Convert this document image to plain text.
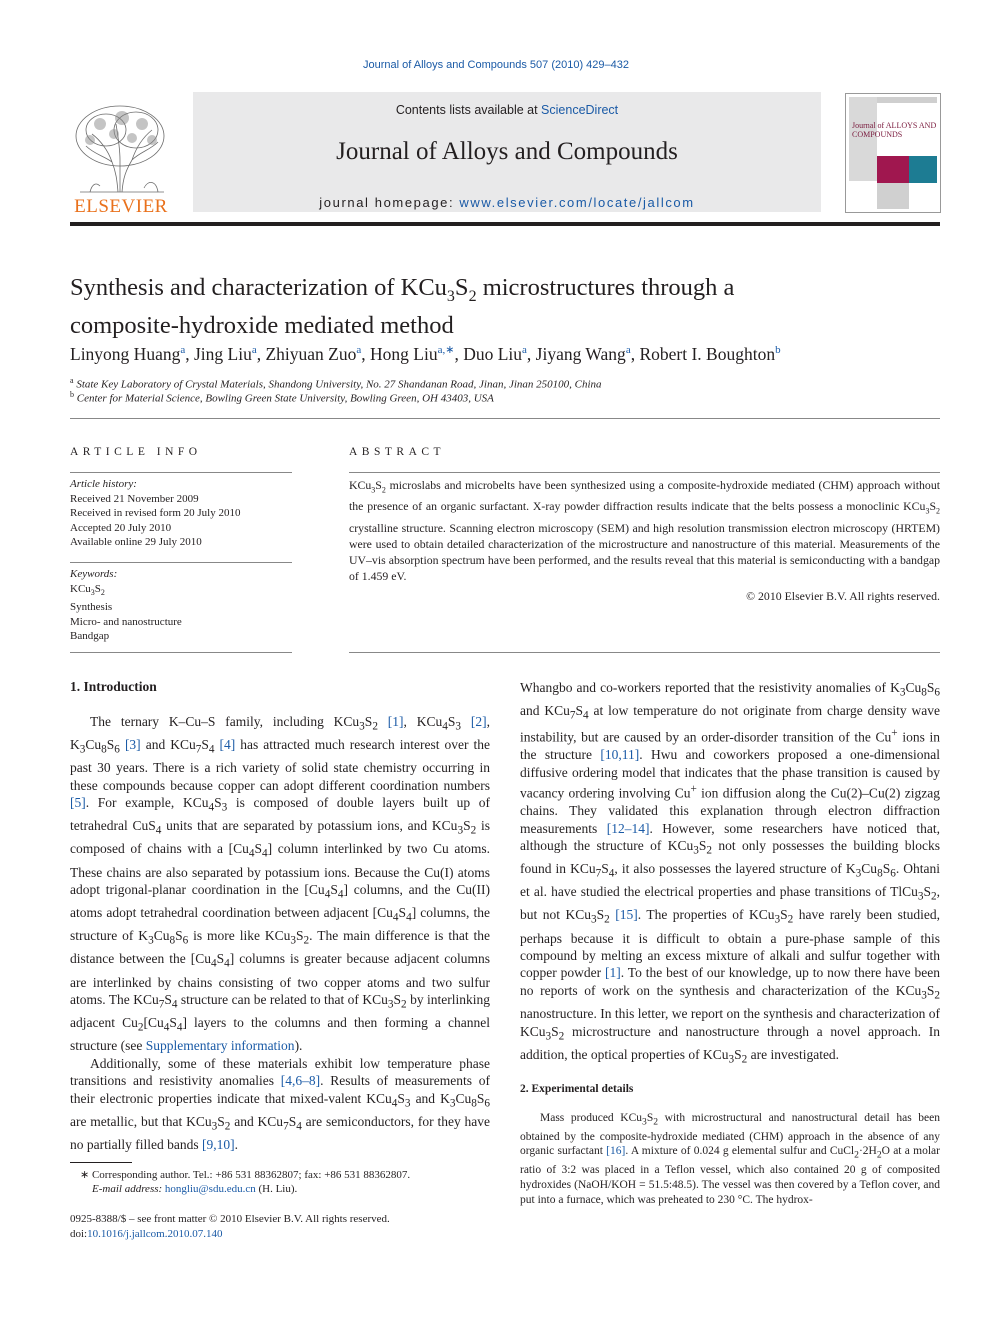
Journal of Alloys and Compounds 507 (2010) 429–432
ELSEVIER
Contents lists available at ScienceDirect
Journal of Alloys and Compounds
journal homepage: www.elsevier.com/locate/jallcom
Journal of ALLOYS AND COMPOUNDS
Synthesis and characterization of $KCu_3S_2$ microstructures through a
composite-hydroxide mediated method
Linyong Huang$^a$, Jing Liu$^a$, Zhiyuan Zuo$^a$, Hong Liu$^{a,∗}$, Duo Liu$^a$, Jiyang Wang$^a$, Robert I. Boughton$^b$
$^a$ State Key Laboratory of Crystal Materials, Shandong University, No. 27 Shandanan Road, Jinan, Jinan 250100, China
$^b$ Center for Material Science, Bowling Green State University, Bowling Green, OH 43403, USA
ARTICLE INFO	ABSTRACT
Article history:
Received 21 November 2009
Received in revised form 20 July 2010
Accepted 20 July 2010
Available online 29 July 2010
Keywords:
$KCu_3S_2$
Synthesis
Micro- and nanostructure
Bandgap
$KCu_3S_2$ microslabs and microbelts have been synthesized using a composite-hydroxide mediated (CHM) approach without the presence of an organic surfactant. X-ray powder diffraction results indicate that the belts possess a monoclinic $KCu_3S_2$ crystalline structure. Scanning electron microscopy (SEM) and high resolution transmission electron microscopy (HRTEM) were used to obtain detailed characterization of the microstructure and nanostructure of this material. Measurements of the UV–vis absorption spectrum have been performed, and the results reveal that this material is semiconducting with a bandgap of 1.459 eV.
© 2010 Elsevier B.V. All rights reserved.
1. Introduction

The ternary K–Cu–S family, including $KCu_3S_2$ [1], $KCu_4S_3$ [2], $K_3Cu_8S_6$ [3] and $KCu_7S_4$ [4] has attracted much research interest over the past 30 years. There is a rich variety of solid state chemistry occurring in these compounds because copper can adopt different coordination numbers [5]. For example, $KCu_4S_3$ is composed of double layers built up of tetrahedral CuS$_4$ units that are separated by potassium ions, and $KCu_3S_2$ is composed of chains with a $[Cu_4S_4]$ column interlinked by two Cu atoms. These chains are also separated by potassium ions. Because the Cu(I) atoms adopt trigonal-planar coordination in the $[Cu_4S_4]$ columns, and the Cu(II) atoms adopt tetrahedral coordination between adjacent $[Cu_4S_4]$ columns, the structure of $K_3Cu_8S_6$ is more like $KCu_3S_2$. The main difference is that the distance between the $[Cu_4S_4]$ columns is greater because adjacent columns are interlinked by chains consisting of two copper atoms and two sulfur atoms. The $KCu_7S_4$ structure can be related to that of $KCu_3S_2$ by interlinking adjacent $Cu_2[Cu_4S_4]$ layers to the columns and then forming a channel structure (see Supplementary information).

Additionally, some of these materials exhibit low temperature phase transitions and resistivity anomalies [4,6–8]. Results of measurements of their electronic properties indicate that mixed-valent $KCu_4S_3$ and $K_3Cu_8S_6$ are metallic, but that $KCu_3S_2$ and $KCu_7S_4$ are semiconductors, for they have no partially filled bands [9,10].

Whangbo and co-workers reported that the resistivity anomalies of $K_3Cu_8S_6$ and $KCu_7S_4$ at low temperature do not originate from charge density wave instability, but are caused by an order-disorder transition of the Cu+ ions in the structure [10,11]. Hwu and coworkers proposed a one-dimensional diffusive ordering model that indicates that the phase transition is caused by vacancy ordering involving Cu+ ion diffusion along the Cu(2)–Cu(2) zigzag chains. They validated this explanation through electron diffraction measurements [12–14]. However, some researchers have noticed that, although the structure of $KCu_3S_2$ not only possesses the building blocks found in $KCu_7S_4$, it also possesses the layered structure of $K_3Cu_8S_6$. Ohtani et al. have studied the electrical properties and phase transitions of $TlCu_3S_2$, but not $KCu_3S_2$ [15]. The properties of $KCu_3S_2$ have rarely been studied, perhaps because it is difficult to obtain a pure-phase sample of this compound by melting an excess mixture of alkali and sulfur together with copper powder [1]. To the best of our knowledge, up to now there have been no reports of work on the synthesis and characterization of the $KCu_3S_2$ nanostructure. In this letter, we report on the synthesis and characterization of $KCu_3S_2$ microstructure and nanostructure through a novel approach. In addition, the optical properties of $KCu_3S_2$ are investigated.

2. Experimental details

Mass produced $KCu_3S_2$ with microstructural and nanostructural detail has been obtained by the composite-hydroxide mediated (CHM) approach in the absence of any organic surfactant [16]. A mixture of 0.024 g elemental sulfur and $CuCl_2\cdot 2H_2O$ at a molar ratio of 3:2 was placed in a Teflon vessel, which also contained 20 g of composited hydroxides (NaOH/KOH = 51.5:48.5). The vessel was then covered by a Teflon cover, and put into a furnace, which was preheated to 230 °C. The hydrox-

∗ Corresponding author. Tel.: +86 531 88362807; fax: +86 531 88362807.
E-mail address: hongliu@sdu.edu.cn (H. Liu).
0925-8388/$ – see front matter © 2010 Elsevier B.V. All rights reserved.
doi:10.1016/j.jallcom.2010.07.140
